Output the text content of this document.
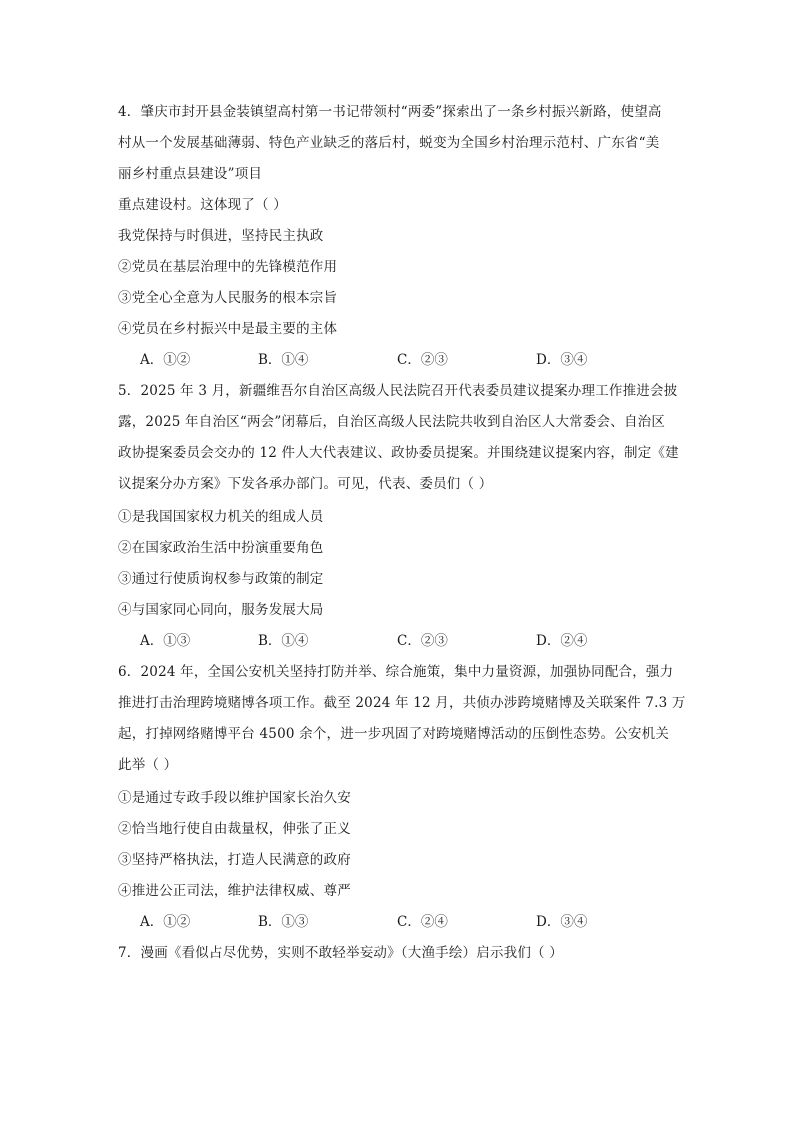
4．肇庆市封开县金装镇望高村第一书记带领村“两委”探索出了一条乡村振兴新路，使望高
村从一个发展基础薄弱、特色产业缺乏的落后村，蜕变为全国乡村治理示范村、广东省“美
丽乡村重点县建设”项目
重点建设村。这体现了（ ）
我党保持与时俱进，坚持民主执政
②党员在基层治理中的先锋模范作用
③党全心全意为人民服务的根本宗旨
④党员在乡村振兴中是最主要的主体
A．①②	B．①④	C．②③	D．③④
5．2025 年 3 月，新疆维吾尔自治区高级人民法院召开代表委员建议提案办理工作推进会披
露，2025 年自治区“两会”闭幕后，自治区高级人民法院共收到自治区人大常委会、自治区
政协提案委员会交办的 12 件人大代表建议、政协委员提案。并围绕建议提案内容，制定《建
议提案分办方案》下发各承办部门。可见，代表、委员们（ ）
①是我国国家权力机关的组成人员
②在国家政治生活中扮演重要角色
③通过行使质询权参与政策的制定
④与国家同心同向，服务发展大局
A．①③	B．①④	C．②③	D．②④
6．2024 年，全国公安机关坚持打防并举、综合施策，集中力量资源，加强协同配合，强力
推进打击治理跨境赌博各项工作。截至 2024 年 12 月，共侦办涉跨境赌博及关联案件 7.3 万
起，打掉网络赌博平台 4500 余个，进一步巩固了对跨境赌博活动的压倒性态势。公安机关
此举（ ）
①是通过专政手段以维护国家长治久安
②恰当地行使自由裁量权，伸张了正义
③坚持严格执法，打造人民满意的政府
④推进公正司法，维护法律权威、尊严
A．①②	B．①③	C．②④	D．③④
7．漫画《看似占尽优势，实则不敢轻举妄动》（大渔手绘）启示我们（ ）
